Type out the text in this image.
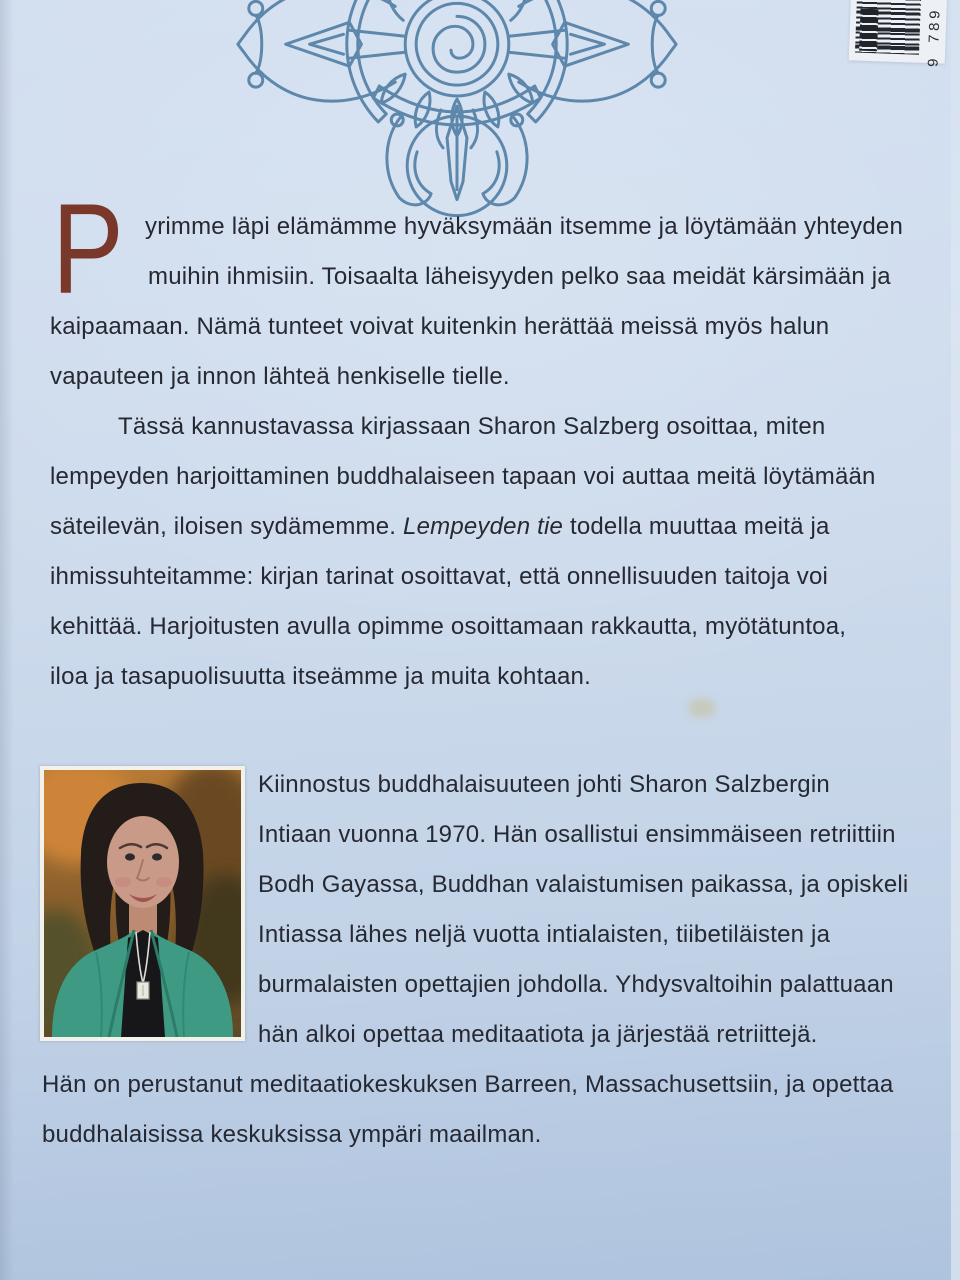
9 789
P yrimme läpi elämämme hyväksymään itsemme ja löytämään yhteyden
muihin ihmisiin. Toisaalta läheisyyden pelko saa meidät kärsimään ja
kaipaamaan. Nämä tunteet voivat kuitenkin herättää meissä myös halun
vapauteen ja innon lähteä henkiselle tielle.
Tässä kannustavassa kirjassaan Sharon Salzberg osoittaa, miten
lempeyden harjoittaminen buddhalaiseen tapaan voi auttaa meitä löytämään
säteilevän, iloisen sydämemme. Lempeyden tie todella muuttaa meitä ja
ihmissuhteitamme: kirjan tarinat osoittavat, että onnellisuuden taitoja voi
kehittää. Harjoitusten avulla opimme osoittamaan rakkautta, myötätuntoa,
iloa ja tasapuolisuutta itseämme ja muita kohtaan.
Kiinnostus buddhalaisuuteen johti Sharon Salzbergin
Intiaan vuonna 1970. Hän osallistui ensimmäiseen retriittiin
Bodh Gayassa, Buddhan valaistumisen paikassa, ja opiskeli
Intiassa lähes neljä vuotta intialaisten, tiibetiläisten ja
burmalaisten opettajien johdolla. Yhdysvaltoihin palattuaan
hän alkoi opettaa meditaatiota ja järjestää retriittejä.
Hän on perustanut meditaatiokeskuksen Barreen, Massachusettsiin, ja opettaa
buddhalaisissa keskuksissa ympäri maailman.
